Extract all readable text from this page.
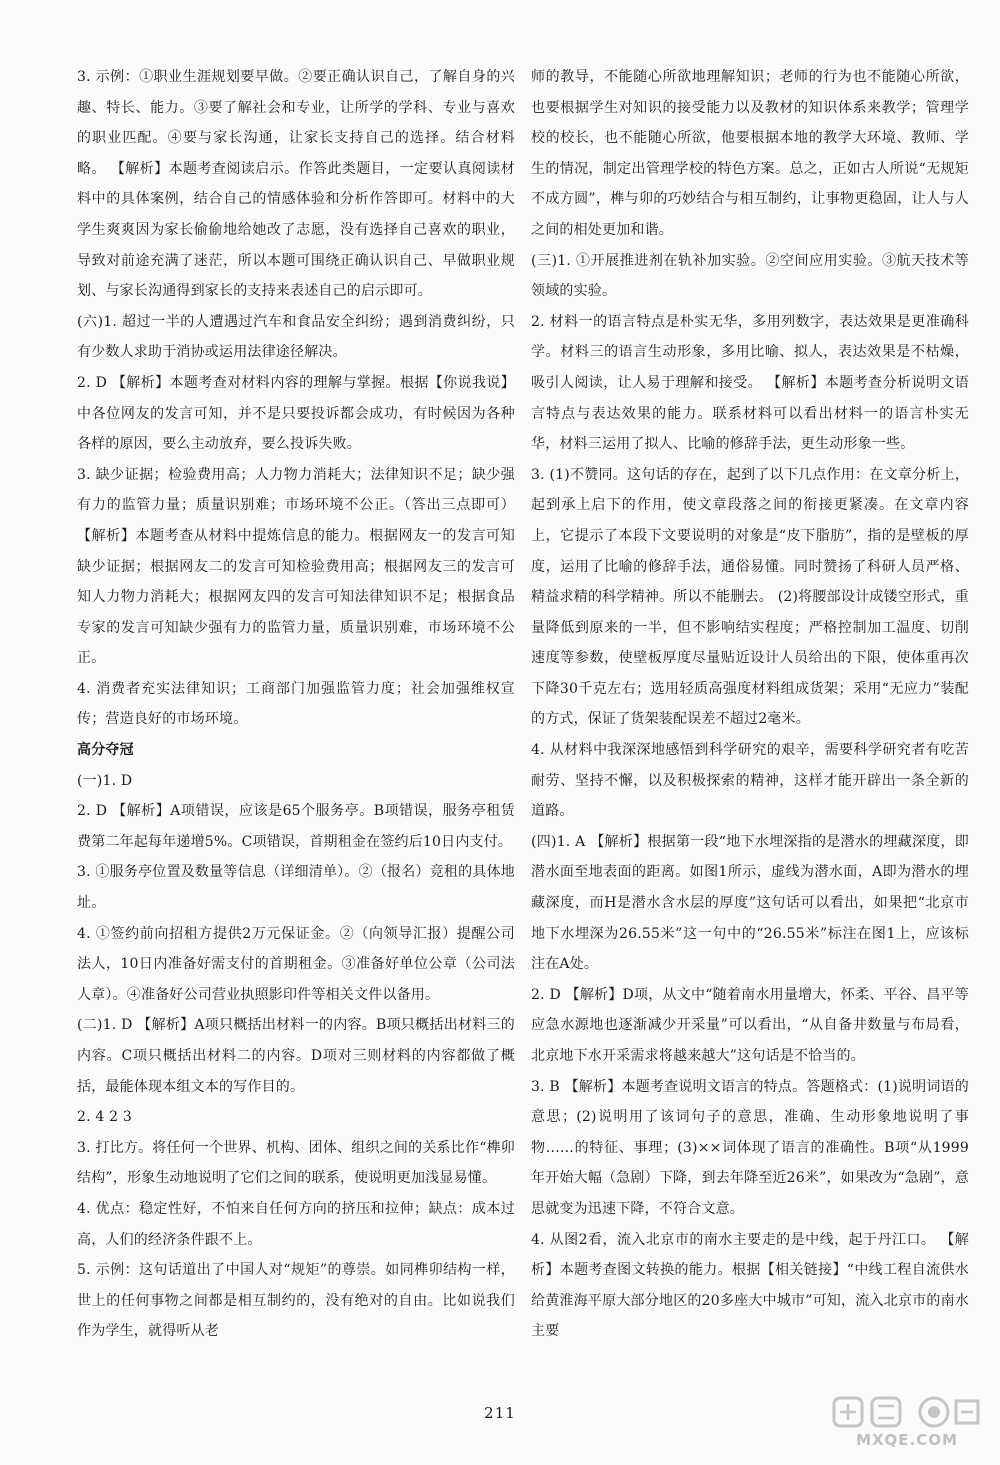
3. 示例：①职业生涯规划要早做。②要正确认识自己，了解自身的兴趣、特长、能力。③要了解社会和专业，让所学的学科、专业与喜欢的职业匹配。④要与家长沟通，让家长支持自己的选择。结合材料略。 【解析】本题考查阅读启示。作答此类题目，一定要认真阅读材料中的具体案例，结合自己的情感体验和分析作答即可。材料中的大学生爽爽因为家长偷偷地给她改了志愿，没有选择自己喜欢的职业，导致对前途充满了迷茫，所以本题可围绕正确认识自己、早做职业规划、与家长沟通得到家长的支持来表述自己的启示即可。

(六)1. 超过一半的人遭遇过汽车和食品安全纠纷；遇到消费纠纷，只有少数人求助于消协或运用法律途径解决。

2. D 【解析】本题考查对材料内容的理解与掌握。根据【你说我说】中各位网友的发言可知，并不是只要投诉都会成功，有时候因为各种各样的原因，要么主动放弃，要么投诉失败。

3. 缺少证据；检验费用高；人力物力消耗大；法律知识不足；缺少强有力的监管力量；质量识别难；市场环境不公正。（答出三点即可） 【解析】本题考查从材料中提炼信息的能力。根据网友一的发言可知缺少证据；根据网友二的发言可知检验费用高；根据网友三的发言可知人力物力消耗大；根据网友四的发言可知法律知识不足；根据食品专家的发言可知缺少强有力的监管力量，质量识别难，市场环境不公正。

4. 消费者充实法律知识；工商部门加强监管力度；社会加强维权宣传；营造良好的市场环境。

高分夺冠

(一)1. D

2. D 【解析】A项错误，应该是65个服务亭。B项错误，服务亭租赁费第二年起每年递增5%。C项错误，首期租金在签约后10日内支付。

3. ①服务亭位置及数量等信息（详细清单）。②（报名）竞租的具体地址。

4. ①签约前向招租方提供2万元保证金。②（向领导汇报）提醒公司法人，10日内准备好需支付的首期租金。③准备好单位公章（公司法人章）。④准备好公司营业执照影印件等相关文件以备用。

(二)1. D 【解析】A项只概括出材料一的内容。B项只概括出材料三的内容。C项只概括出材料二的内容。D项对三则材料的内容都做了概括，最能体现本组文本的写作目的。

2. 4 2 3

3. 打比方。将任何一个世界、机构、团体、组织之间的关系比作“榫卯结构”，形象生动地说明了它们之间的联系，使说明更加浅显易懂。

4. 优点：稳定性好，不怕来自任何方向的挤压和拉伸；缺点：成本过高，人们的经济条件跟不上。

5. 示例：这句话道出了中国人对“规矩”的尊崇。如同榫卯结构一样，世上的任何事物之间都是相互制约的，没有绝对的自由。比如说我们作为学生，就得听从老

师的教导，不能随心所欲地理解知识；老师的行为也不能随心所欲，也要根据学生对知识的接受能力以及教材的知识体系来教学；管理学校的校长，也不能随心所欲，他要根据本地的教学大环境、教师、学生的情况，制定出管理学校的特色方案。总之，正如古人所说“无规矩不成方圆”，榫与卯的巧妙结合与相互制约，让事物更稳固，让人与人之间的相处更加和谐。

(三)1. ①开展推进剂在轨补加实验。②空间应用实验。③航天技术等领域的实验。

2. 材料一的语言特点是朴实无华，多用列数字，表达效果是更准确科学。材料三的语言生动形象，多用比喻、拟人，表达效果是不枯燥，吸引人阅读，让人易于理解和接受。 【解析】本题考查分析说明文语言特点与表达效果的能力。联系材料可以看出材料一的语言朴实无华，材料三运用了拟人、比喻的修辞手法，更生动形象一些。

3. (1)不赞同。这句话的存在，起到了以下几点作用：在文章分析上，起到承上启下的作用，使文章段落之间的衔接更紧凑。在文章内容上，它提示了本段下文要说明的对象是“皮下脂肪”，指的是壁板的厚度，运用了比喻的修辞手法，通俗易懂。同时赞扬了科研人员严格、精益求精的科学精神。所以不能删去。 (2)将腰部设计成镂空形式，重量降低到原来的一半，但不影响结实程度；严格控制加工温度、切削速度等参数，使壁板厚度尽量贴近设计人员给出的下限，使体重再次下降30千克左右；选用轻质高强度材料组成货架；采用“无应力”装配的方式，保证了货架装配误差不超过2毫米。

4. 从材料中我深深地感悟到科学研究的艰辛，需要科学研究者有吃苦耐劳、坚持不懈，以及积极探索的精神，这样才能开辟出一条全新的道路。

(四)1. A 【解析】根据第一段“地下水埋深指的是潜水的埋藏深度，即潜水面至地表面的距离。如图1所示，虚线为潜水面，A即为潜水的埋藏深度，而H是潜水含水层的厚度”这句话可以看出，如果把“北京市地下水埋深为26.55米”这一句中的“26.55米”标注在图1上，应该标注在A处。

2. D 【解析】D项，从文中“随着南水用量增大，怀柔、平谷、昌平等应急水源地也逐渐减少开采量”可以看出，“从自备井数量与布局看，北京地下水开采需求将越来越大”这句话是不恰当的。

3. B 【解析】本题考查说明文语言的特点。答题格式：(1)说明词语的意思；(2)说明用了该词句子的意思，准确、生动形象地说明了事物……的特征、事理；(3)××词体现了语言的准确性。B项“从1999年开始大幅（急剧）下降，到去年降至近26米”，如果改为“急剧”，意思就变为迅速下降，不符合文意。

4. 从图2看，流入北京市的南水主要走的是中线，起于丹江口。 【解析】本题考查图文转换的能力。根据【相关链接】“中线工程自流供水给黄淮海平原大部分地区的20多座大中城市”可知，流入北京市的南水主要

211
MXQE.COM
